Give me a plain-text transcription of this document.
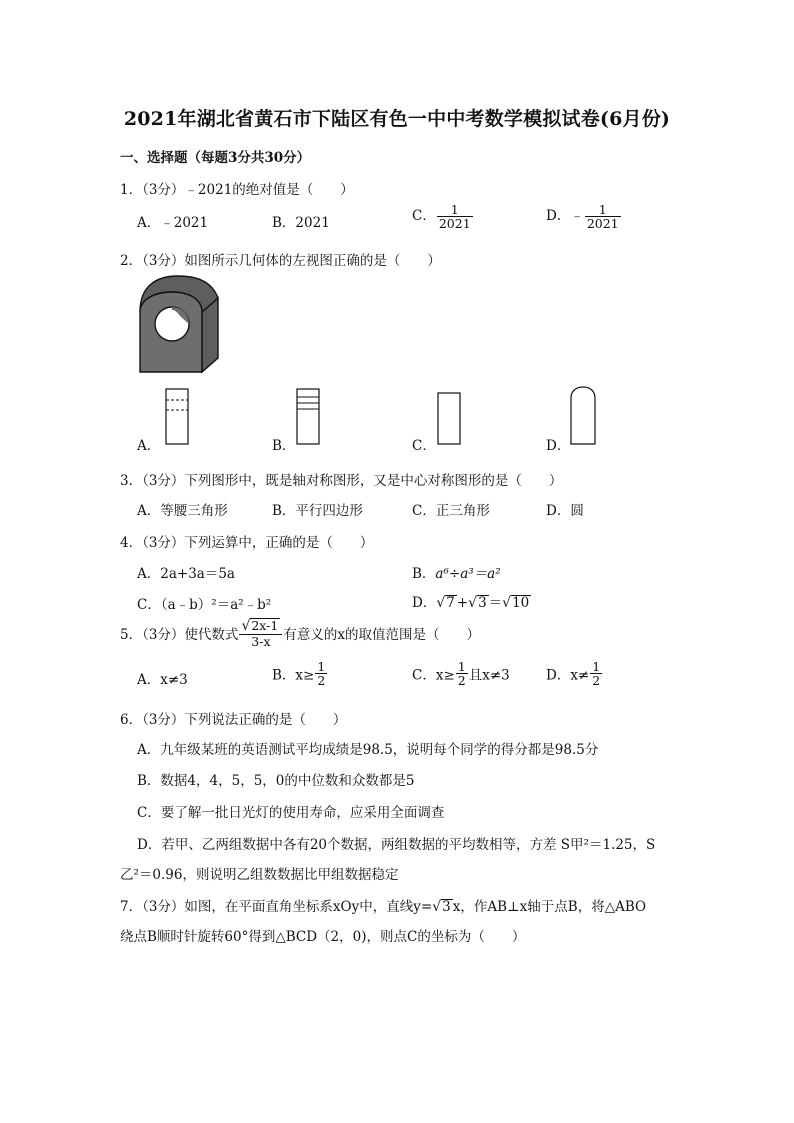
2021年湖北省黄石市下陆区有色一中中考数学模拟试卷(6月份)
一、选择题（每题3分共30分）
1．（3分）﹣2021的绝对值是（　　）
A．﹣2021	B．2021	C． $\frac{1}{2021}$	D．﹣ $\frac{1}{2021}$
2．（3分）如图所示几何体的左视图正确的是（　　）
A．	B．	C．	D．
3．（3分）下列图形中，既是轴对称图形，又是中心对称图形的是（　　）
A．等腰三角形	B．平行四边形	C．正三角形	D．圆
4．（3分）下列运算中，正确的是（　　）
A．2a+3a＝5a	B．a⁶÷a³＝a²
C．（a﹣b）²＝a²﹣b²	D．√7 +√3 ＝√10
5．（3分）使代数式 $\frac{√2x-1}{3-x}$ 有意义的x的取值范围是（　　）
A．x≠3	B．$x\ge \frac{1}{2}$	C．$x\ge \frac{1}{2}$ 且x≠3	D．$x\ne \frac{1}{2}$
6．（3分）下列说法正确的是（　　）
A．九年级某班的英语测试平均成绩是98.5，说明每个同学的得分都是98.5分
B．数据4，4，5，5，0的中位数和众数都是5
C．要了解一批日光灯的使用寿命，应采用全面调查
D．若甲、乙两组数据中各有20个数据，两组数据的平均数相等，方差 S甲²＝1.25，S
乙²＝0.96，则说明乙组数数据比甲组数据稳定
7．（3分）如图，在平面直角坐标系xOy中，直线y=√3 x，作AB⊥x轴于点B，将△ABO
绕点B顺时针旋转60°得到△BCD（2，0)，则点C的坐标为（　　）
